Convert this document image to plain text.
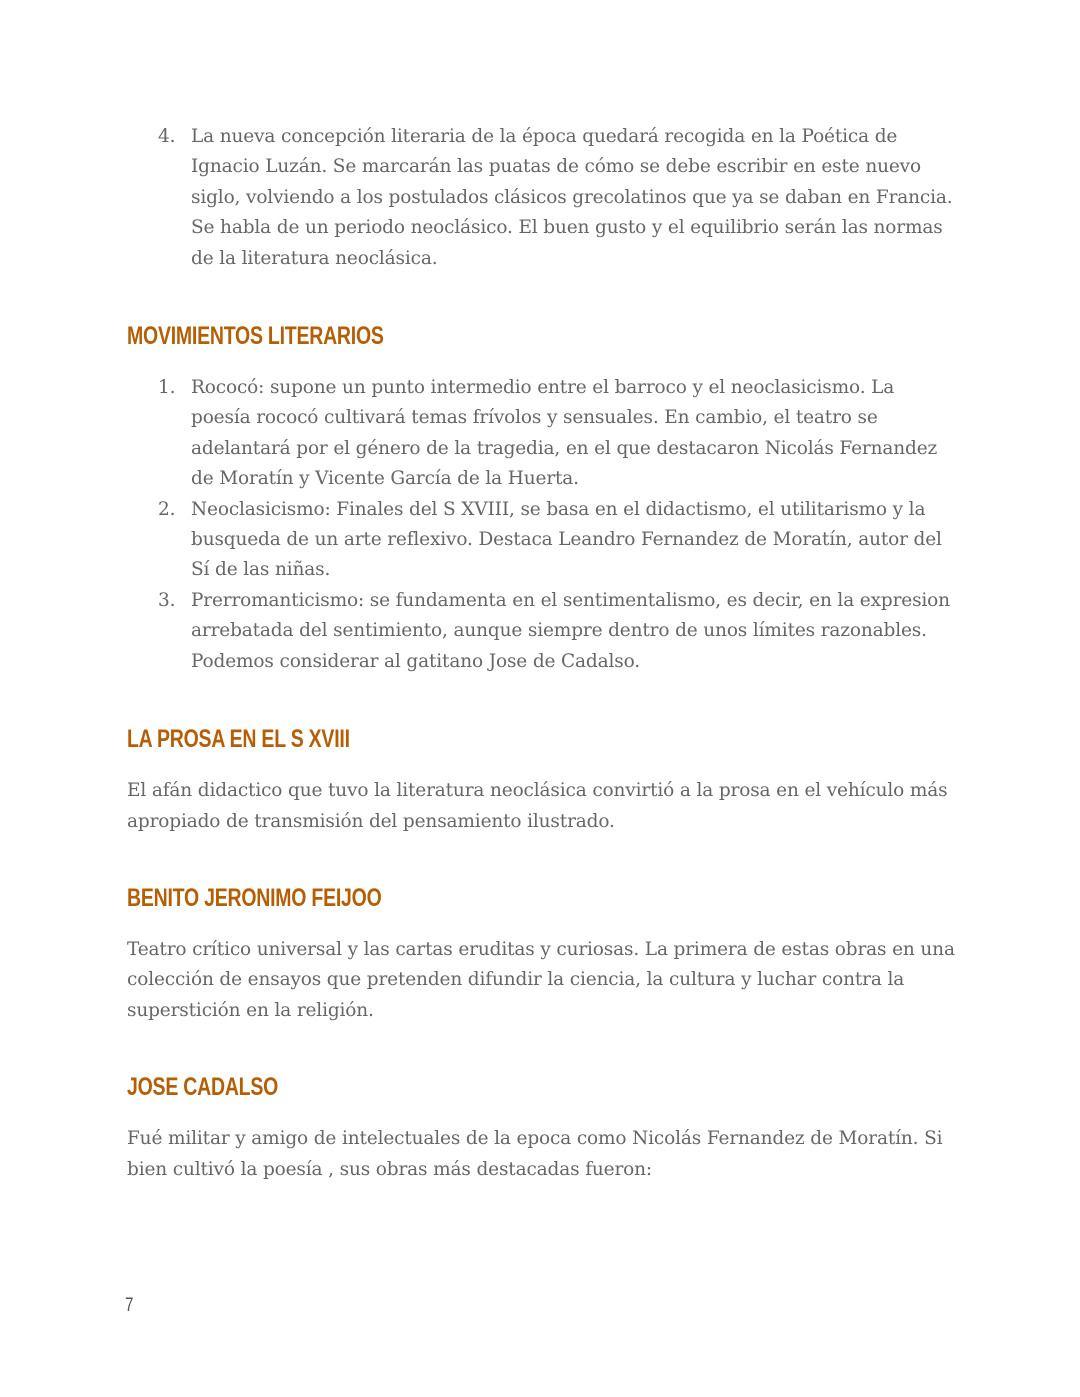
4. La nueva concepción literaria de la época quedará recogida en la Poética de Ignacio Luzán. Se marcarán las puatas de cómo se debe escribir en este nuevo siglo, volviendo a los postulados clásicos grecolatinos que ya se daban en Francia. Se habla de un periodo neoclásico. El buen gusto y el equilibrio serán las normas de la literatura neoclásica.
MOVIMIENTOS LITERARIOS
1. Rococó: supone un punto intermedio entre el barroco y el neoclasicismo. La poesía rococó cultivará temas frívolos y sensuales. En cambio, el teatro se adelantará por el género de la tragedia, en el que destacaron Nicolás Fernandez de Moratín y Vicente García de la Huerta.
2. Neoclasicismo: Finales del S XVIII, se basa en el didactismo, el utilitarismo y la busqueda de un arte reflexivo. Destaca Leandro Fernandez de Moratín, autor del Sí de las niñas.
3. Prerromanticismo: se fundamenta en el sentimentalismo, es decir, en la expresion arrebatada del sentimiento, aunque siempre dentro de unos límites razonables. Podemos considerar al gatitano Jose de Cadalso.
LA PROSA EN EL S XVIII

El afán didactico que tuvo la literatura neoclásica convirtió a la prosa en el vehículo más apropiado de transmisión del pensamiento ilustrado.

BENITO JERONIMO FEIJOO

Teatro crítico universal y las cartas eruditas y curiosas. La primera de estas obras en una colección de ensayos que pretenden difundir la ciencia, la cultura y luchar contra la superstición en la religión.

JOSE CADALSO

Fué militar y amigo de intelectuales de la epoca como Nicolás Fernandez de Moratín. Si bien cultivó la poesía , sus obras más destacadas fueron:

7
